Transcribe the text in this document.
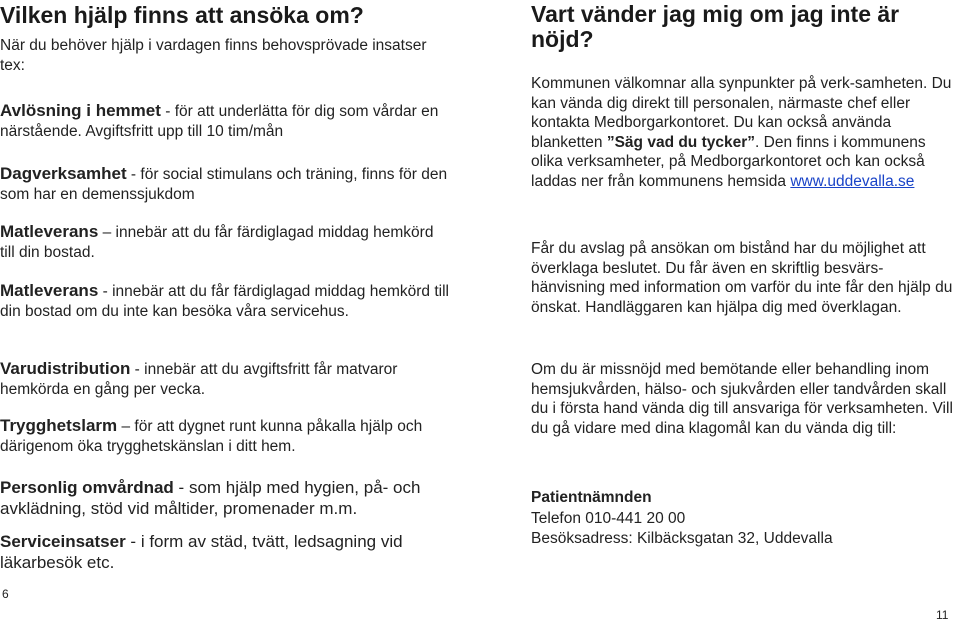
Vilken hjälp finns att ansöka om?

När du behöver hjälp i vardagen finns behovsprövade insatser tex:

Avlösning i hemmet - för att underlätta för dig som vårdar en närstående. Avgiftsfritt upp till 10 tim/mån

Dagverksamhet - för social stimulans och träning, finns för den som har en demenssjukdom

Matleverans – innebär att du får färdiglagad middag hemkörd till din bostad.

Matleverans - innebär att du får färdiglagad middag hemkörd till din bostad om du inte kan besöka våra servicehus.

Varudistribution - innebär att du avgiftsfritt får matvaror hemkörda en gång per vecka.

Trygghetslarm – för att dygnet runt kunna påkalla hjälp och därigenom öka trygghetskänslan i ditt hem.

Personlig omvårdnad - som hjälp med hygien, på- och avklädning, stöd vid måltider, promenader m.m.

Serviceinsatser - i form av städ, tvätt, ledsagning vid läkarbesök etc.

6
Vart vänder jag mig om jag inte är nöjd?

Kommunen välkomnar alla synpunkter på verk-samheten. Du kan vända dig direkt till personalen, närmaste chef eller kontakta Medborgarkontoret. Du kan också använda blanketten ”Säg vad du tycker”. Den finns i kommunens olika verksamheter, på Medborgarkontoret och kan också laddas ner från kommunens hemsida www.uddevalla.se

Får du avslag på ansökan om bistånd har du möjlighet att överklaga beslutet. Du får även en skriftlig besvärs-hänvisning med information om varför du inte får den hjälp du önskat. Handläggaren kan hjälpa dig med överklagan.

Om du är missnöjd med bemötande eller behandling inom hemsjukvården, hälso- och sjukvården eller tandvården skall du i första hand vända dig till ansvariga för verksamheten. Vill du gå vidare med dina klagomål kan du vända dig till:

Patientnämnden

Telefon 010-441 20 00

Besöksadress: Kilbäcksgatan 32, Uddevalla

11
